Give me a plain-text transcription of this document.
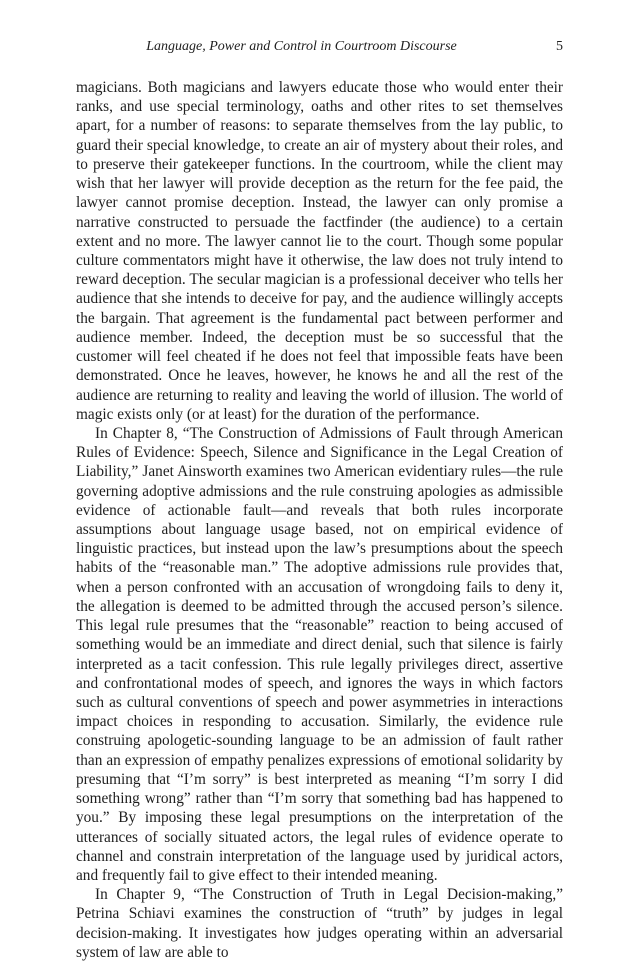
Language, Power and Control in Courtroom Discourse	5

magicians. Both magicians and lawyers educate those who would enter their ranks, and use special terminology, oaths and other rites to set themselves apart, for a number of reasons: to separate themselves from the lay public, to guard their special knowledge, to create an air of mystery about their roles, and to preserve their gatekeeper functions. In the courtroom, while the client may wish that her lawyer will provide deception as the return for the fee paid, the lawyer cannot promise deception. Instead, the lawyer can only promise a narrative constructed to persuade the factfinder (the audience) to a certain extent and no more. The lawyer cannot lie to the court. Though some popular culture commentators might have it otherwise, the law does not truly intend to reward deception. The secular magician is a professional deceiver who tells her audience that she intends to deceive for pay, and the audience willingly accepts the bargain. That agreement is the fundamental pact between performer and audience member. Indeed, the deception must be so successful that the customer will feel cheated if he does not feel that impossible feats have been demonstrated. Once he leaves, however, he knows he and all the rest of the audience are returning to reality and leaving the world of illusion. The world of magic exists only (or at least) for the duration of the performance.

In Chapter 8, “The Construction of Admissions of Fault through American Rules of Evidence: Speech, Silence and Significance in the Legal Creation of Liability,” Janet Ainsworth examines two American evidentiary rules—the rule governing adoptive admissions and the rule construing apologies as admissible evidence of actionable fault—and reveals that both rules incorporate assumptions about language usage based, not on empirical evidence of linguistic practices, but instead upon the law’s presumptions about the speech habits of the “reasonable man.” The adoptive admissions rule provides that, when a person confronted with an accusation of wrongdoing fails to deny it, the allegation is deemed to be admitted through the accused person’s silence. This legal rule presumes that the “reasonable” reaction to being accused of something would be an immediate and direct denial, such that silence is fairly interpreted as a tacit confession. This rule legally privileges direct, assertive and confrontational modes of speech, and ignores the ways in which factors such as cultural conventions of speech and power asymmetries in interactions impact choices in responding to accusation. Similarly, the evidence rule construing apologetic-sounding language to be an admission of fault rather than an expression of empathy penalizes expressions of emotional solidarity by presuming that “I’m sorry” is best interpreted as meaning “I’m sorry I did something wrong” rather than “I’m sorry that something bad has happened to you.” By imposing these legal presumptions on the interpretation of the utterances of socially situated actors, the legal rules of evidence operate to channel and constrain interpretation of the language used by juridical actors, and frequently fail to give effect to their intended meaning.

In Chapter 9, “The Construction of Truth in Legal Decision-making,” Petrina Schiavi examines the construction of “truth” by judges in legal decision-making. It investigates how judges operating within an adversarial system of law are able to
